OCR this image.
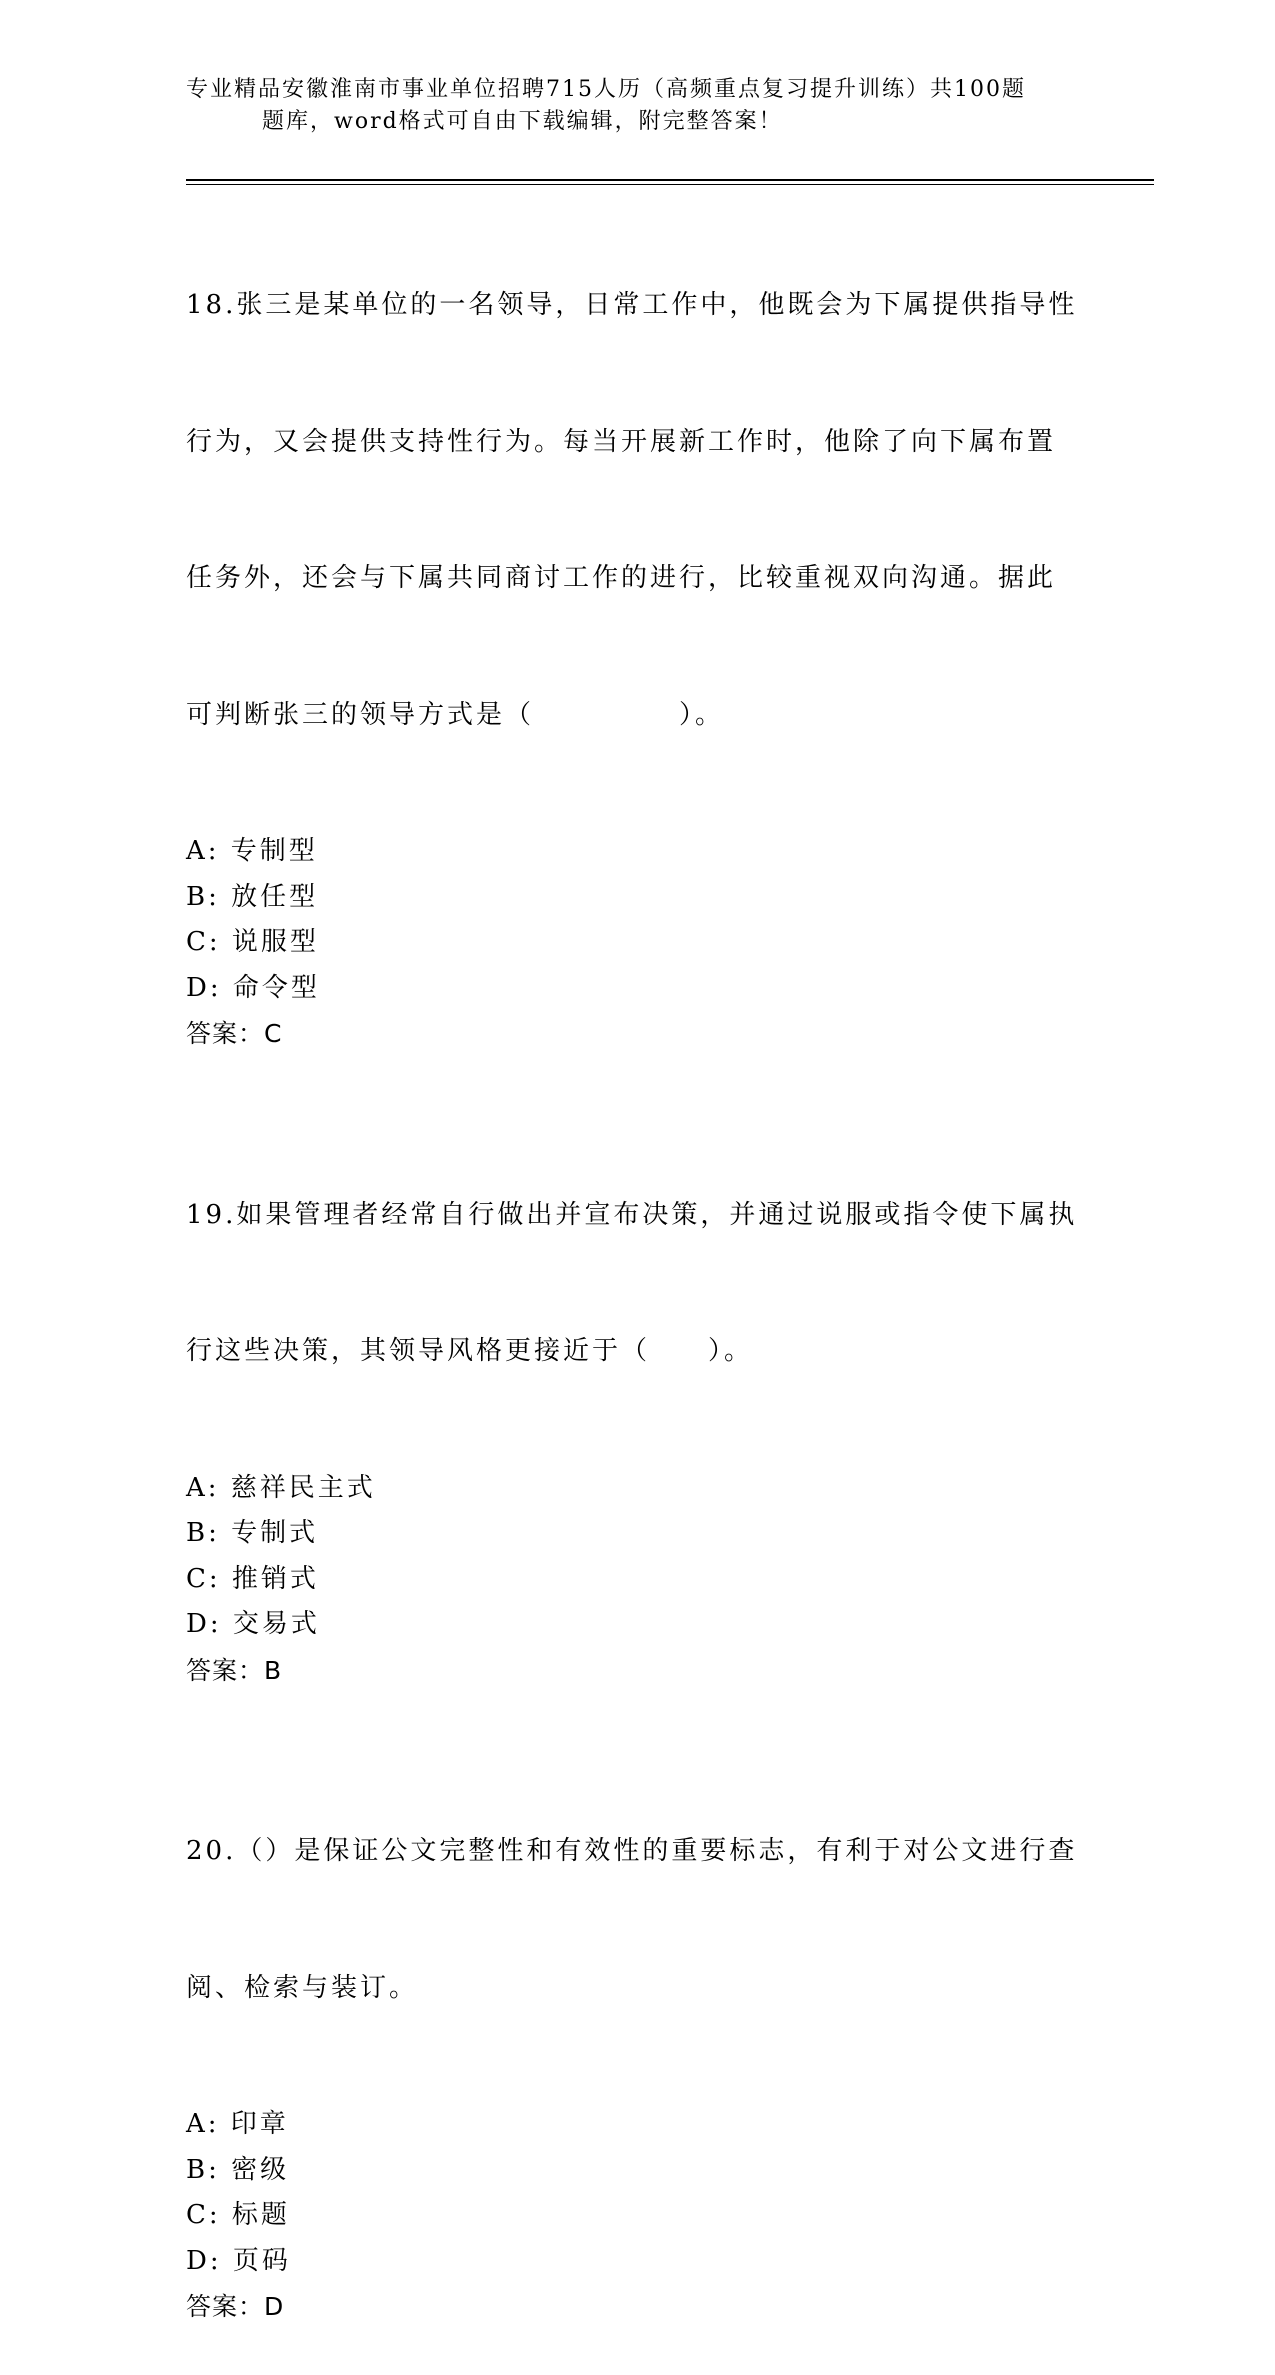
专业精品安徽淮南市事业单位招聘715人历（高频重点复习提升训练）共100题
题库，word格式可自由下载编辑，附完整答案！

18.张三是某单位的一名领导，日常工作中，他既会为下属提供指导性

行为，又会提供支持性行为。每当开展新工作时，他除了向下属布置

任务外，还会与下属共同商讨工作的进行，比较重视双向沟通。据此

可判断张三的领导方式是（　　　　　）。

A: 专制型
B: 放任型
C: 说服型
D: 命令型
答案：C

19.如果管理者经常自行做出并宣布决策，并通过说服或指令使下属执

行这些决策，其领导风格更接近于（　　）。

A: 慈祥民主式
B: 专制式
C: 推销式
D: 交易式
答案：B

20.（）是保证公文完整性和有效性的重要标志，有利于对公文进行查

阅、检索与装订。

A: 印章
B: 密级
C: 标题
D: 页码
答案：D
